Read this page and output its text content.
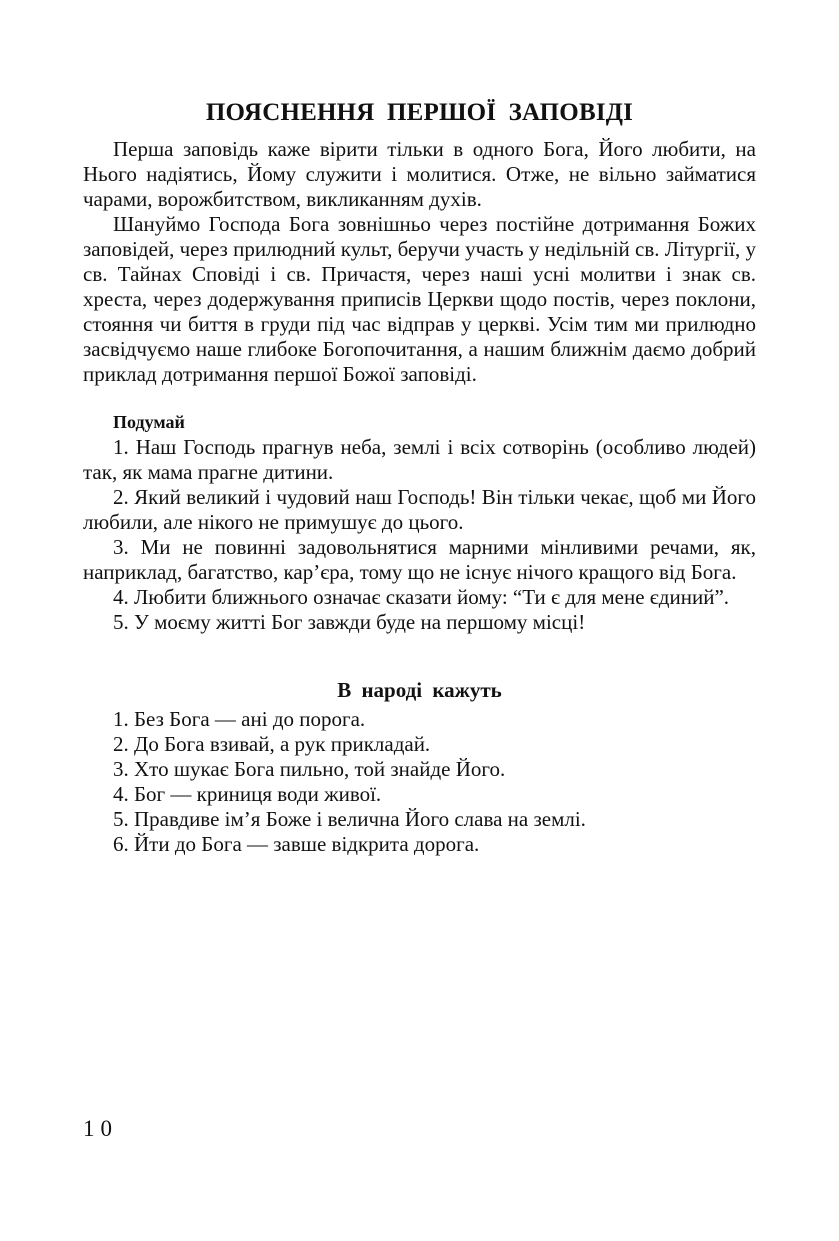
ПОЯСНЕННЯ ПЕРШОЇ ЗАПОВІДІ

Перша заповідь каже вірити тільки в одного Бога, Його любити, на Нього надіятись, Йому служити і молитися. Отже, не вільно займатися чарами, ворожбитством, викликанням духів.

Шануймо Господа Бога зовнішньо через постійне дотримання Божих заповідей, через прилюдний культ, беручи участь у недільній св. Літургії, у св. Тайнах Сповіді і св. Причастя, через наші усні молитви і знак св. хреста, через додержування приписів Церкви щодо постів, через поклони, стояння чи биття в груди під час відправ у церкві. Усім тим ми прилюдно засвідчуємо наше глибоке Богопочитання, а нашим ближнім даємо добрий приклад дотримання першої Божої заповіді.

Подумай

1. Наш Господь прагнув неба, землі і всіх сотворінь (особливо людей) так, як мама прагне дитини.

2. Який великий і чудовий наш Господь! Він тільки чекає, щоб ми Його любили, але нікого не примушує до цього.

3. Ми не повинні задовольнятися марними мінливими речами, як, наприклад, багатство, кар’єра, тому що не існує нічого кращого від Бога.

4. Любити ближнього означає сказати йому: “Ти є для мене єдиний”.

5. У моєму житті Бог завжди буде на першому місці!

В народі кажуть

1. Без Бога — ані до порога.

2. До Бога взивай, а рук прикладай.

3. Хто шукає Бога пильно, той знайде Його.

4. Бог — криниця води живої.

5. Правдиве ім’я Боже і велична Його слава на землі.

6. Йти до Бога — завше відкрита дорога.

10
